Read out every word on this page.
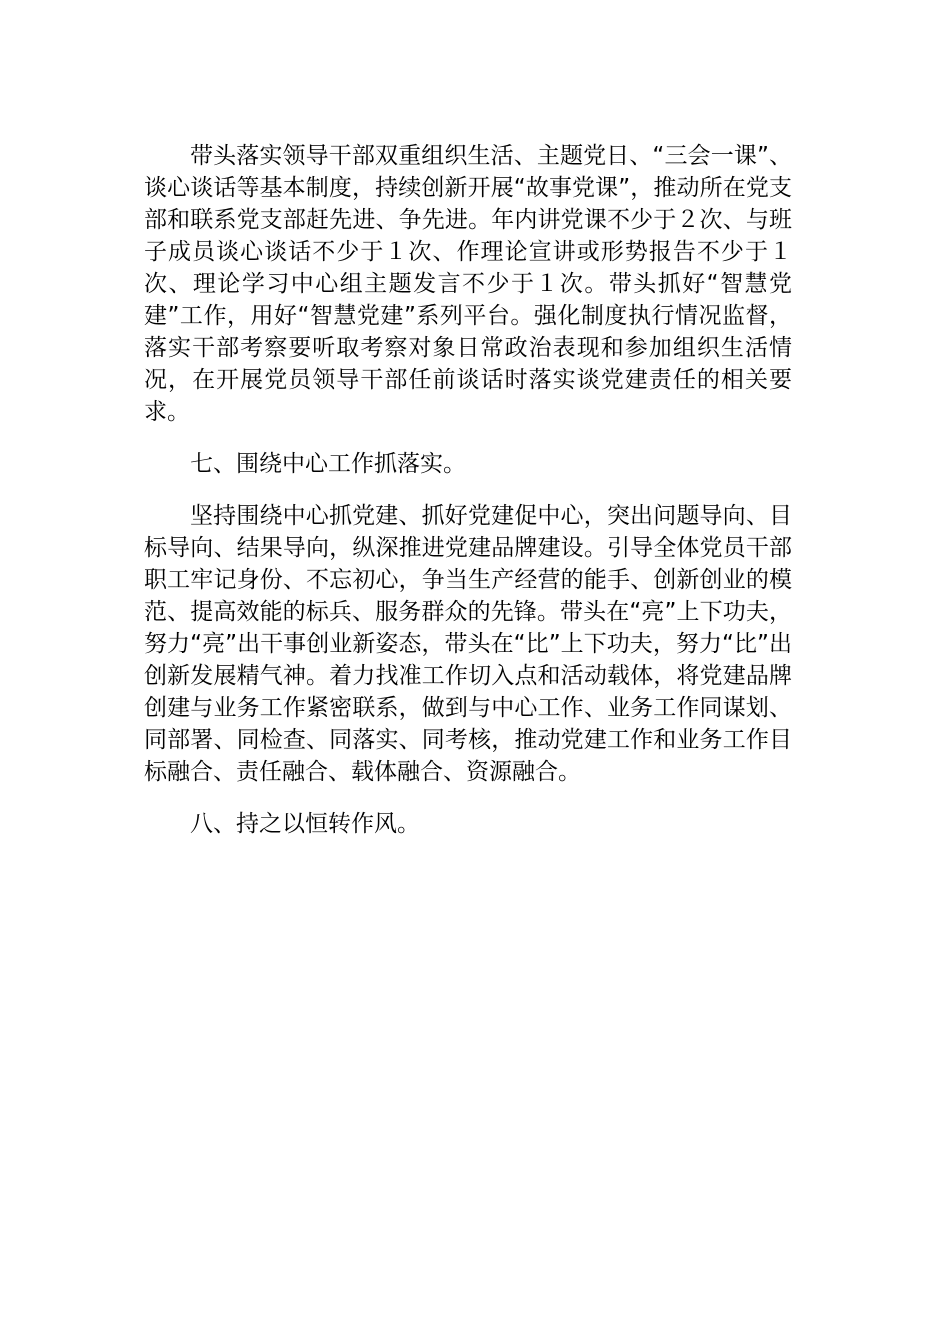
带头落实领导干部双重组织生活、主题党日、“三会一课”、谈心谈话等基本制度，持续创新开展“故事党课”，推动所在党支部和联系党支部赶先进、争先进。年内讲党课不少于２次、与班子成员谈心谈话不少于１次、作理论宣讲或形势报告不少于１次、理论学习中心组主题发言不少于１次。带头抓好“智慧党建”工作，用好“智慧党建”系列平台。强化制度执行情况监督，落实干部考察要听取考察对象日常政治表现和参加组织生活情况，在开展党员领导干部任前谈话时落实谈党建责任的相关要求。

七、围绕中心工作抓落实。

坚持围绕中心抓党建、抓好党建促中心，突出问题导向、目标导向、结果导向，纵深推进党建品牌建设。引导全体党员干部职工牢记身份、不忘初心，争当生产经营的能手、创新创业的模范、提高效能的标兵、服务群众的先锋。带头在“亮”上下功夫，努力“亮”出干事创业新姿态，带头在“比”上下功夫，努力“比”出创新发展精气神。着力找准工作切入点和活动载体，将党建品牌创建与业务工作紧密联系，做到与中心工作、业务工作同谋划、同部署、同检查、同落实、同考核，推动党建工作和业务工作目标融合、责任融合、载体融合、资源融合。

八、持之以恒转作风。
